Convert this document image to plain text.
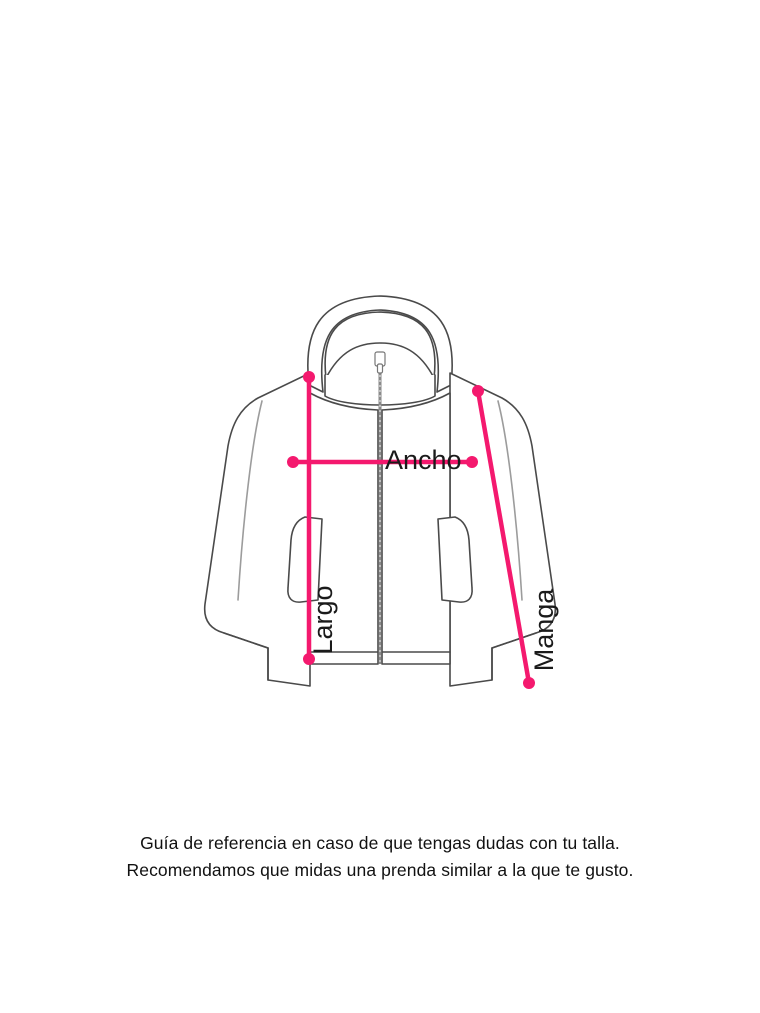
Ancho
Largo	Manga

Guía de referencia en caso de que tengas dudas con tu talla.

Recomendamos que midas una prenda similar a la que te gusto.
